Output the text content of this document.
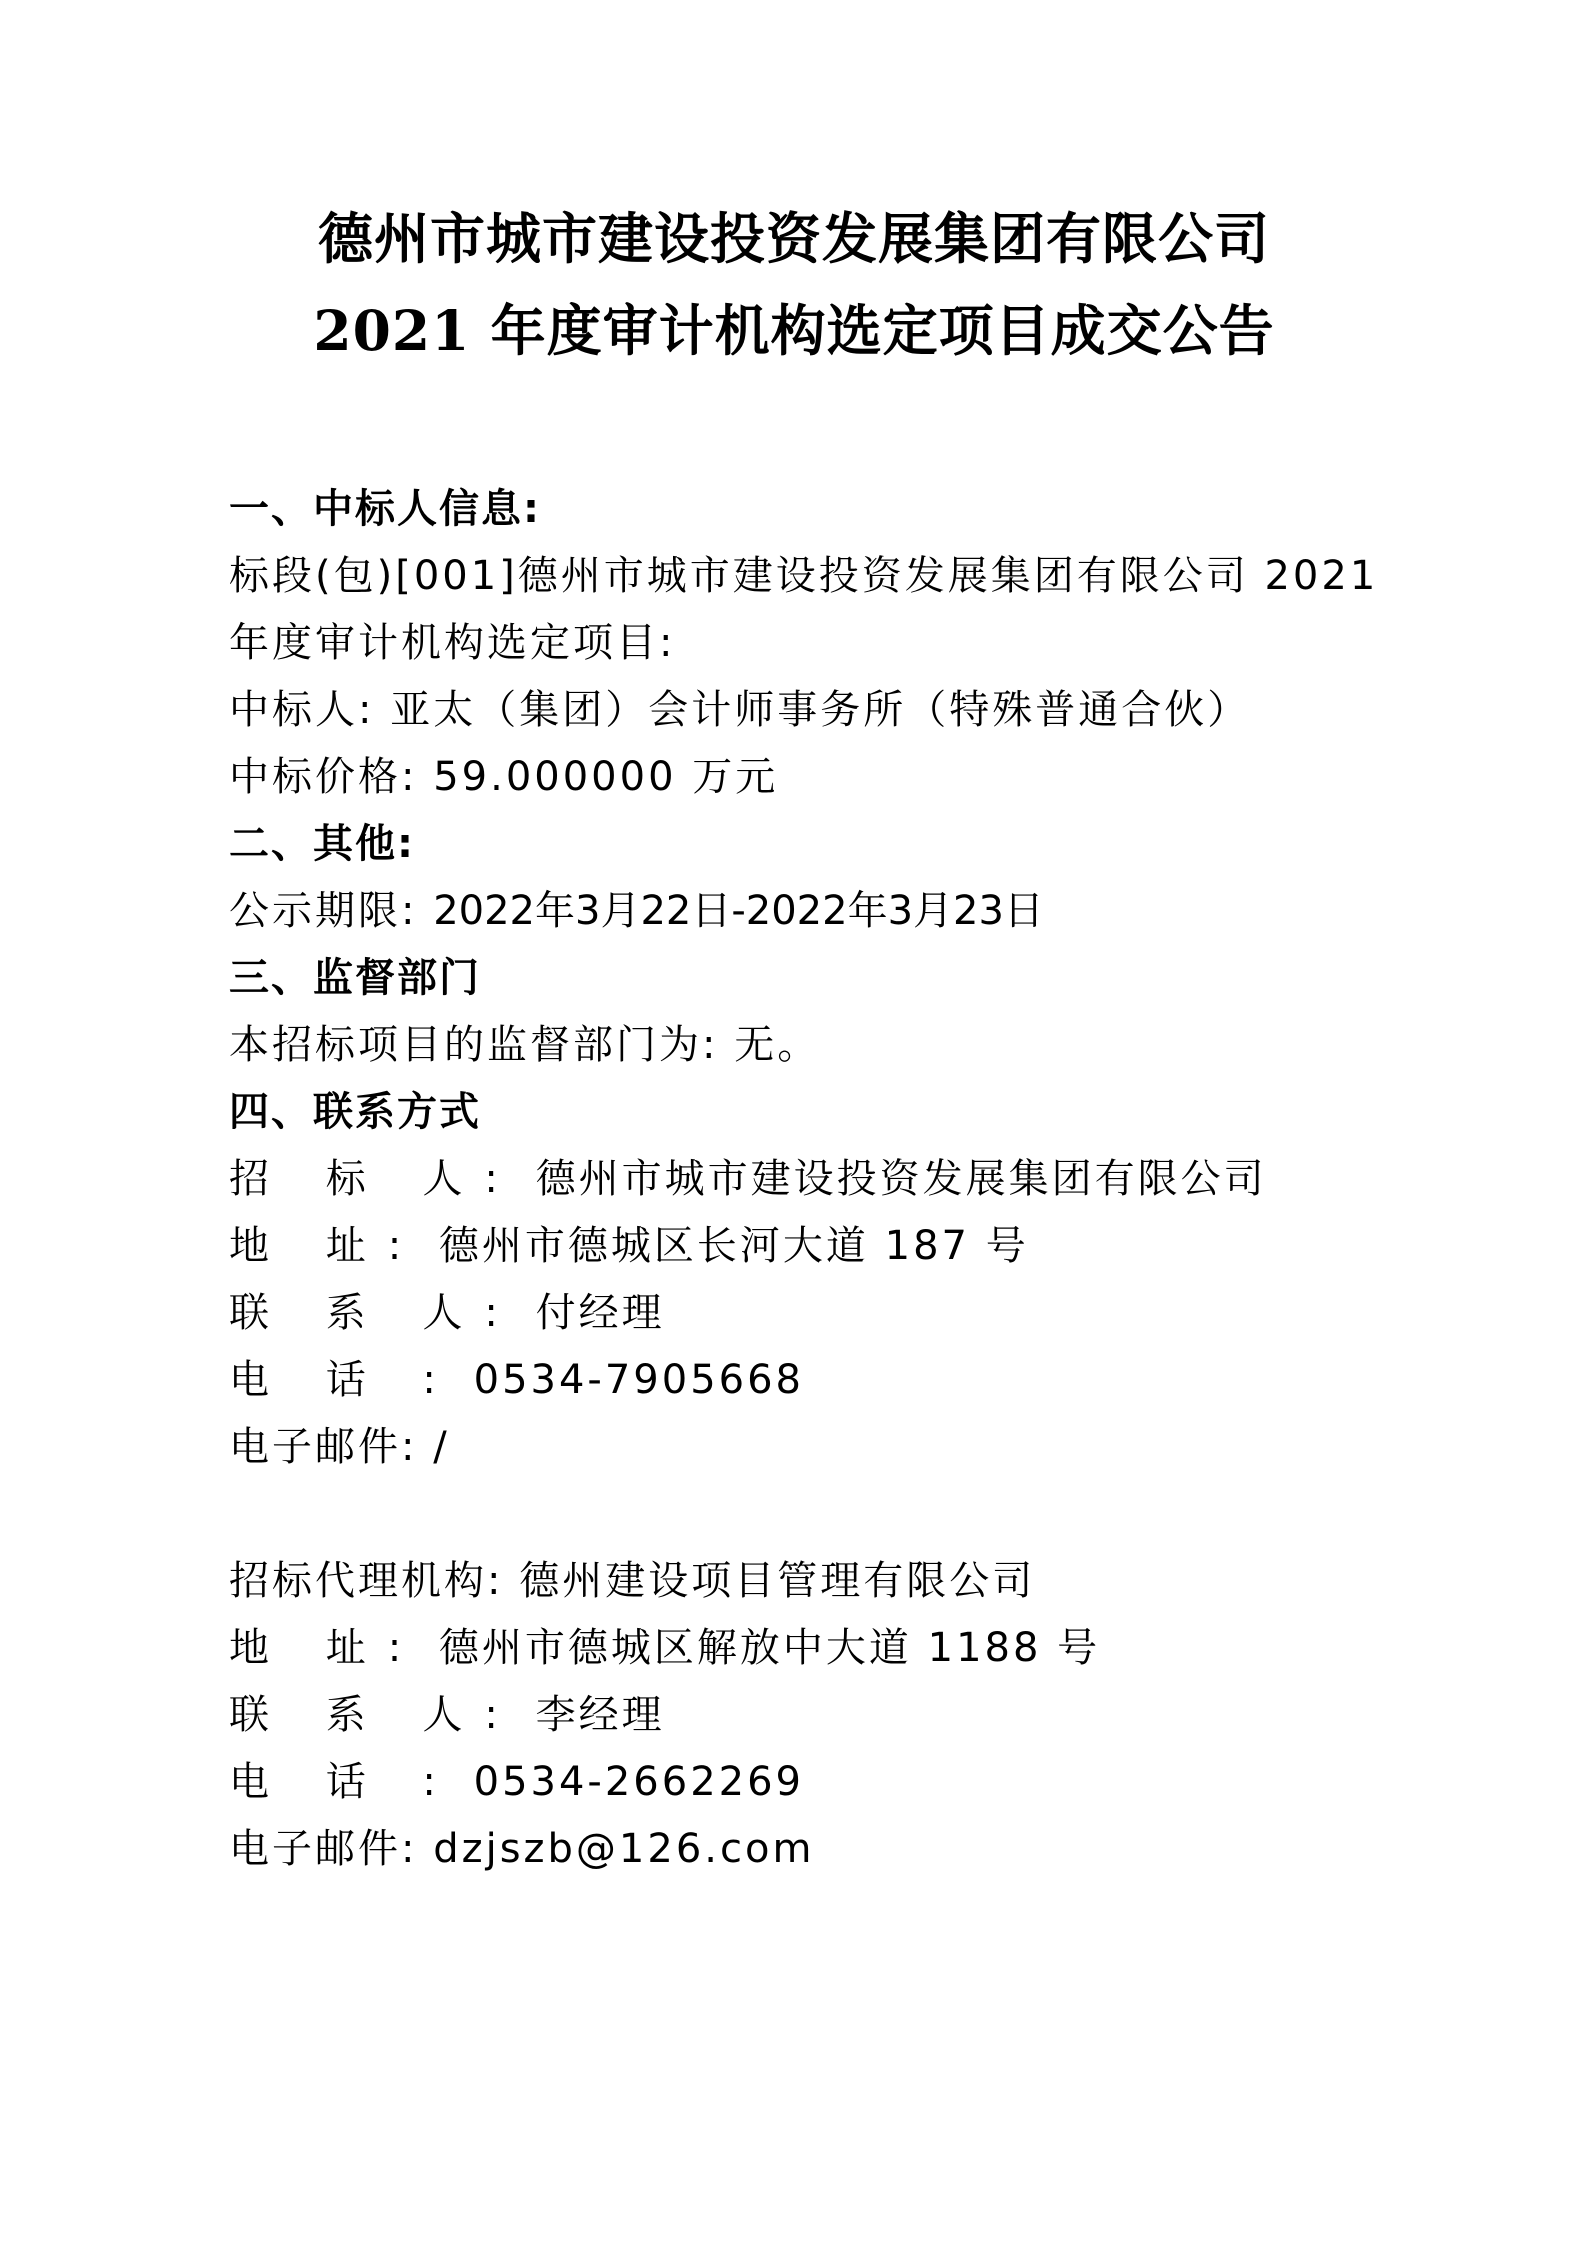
德州市城市建设投资发展集团有限公司
2021 年度审计机构选定项目成交公告
一、中标人信息:
标段(包)[001]德州市城市建设投资发展集团有限公司 2021
年度审计机构选定项目:
中标人: 亚太（集团）会计师事务所（特殊普通合伙）
中标价格: 59.000000 万元
二、其他:
公示期限: 2022年3月22日-2022年3月23日
三、监督部门
本招标项目的监督部门为: 无。
四、联系方式
招 标 人: 德州市城市建设投资发展集团有限公司
地 址: 德州市德城区长河大道 187 号
联 系 人: 付经理
电 话 : 0534-7905668
电子邮件: /
招标代理机构: 德州建设项目管理有限公司
地 址: 德州市德城区解放中大道 1188 号
联 系 人: 李经理
电 话 : 0534-2662269
电子邮件: dzjszb@126.com
